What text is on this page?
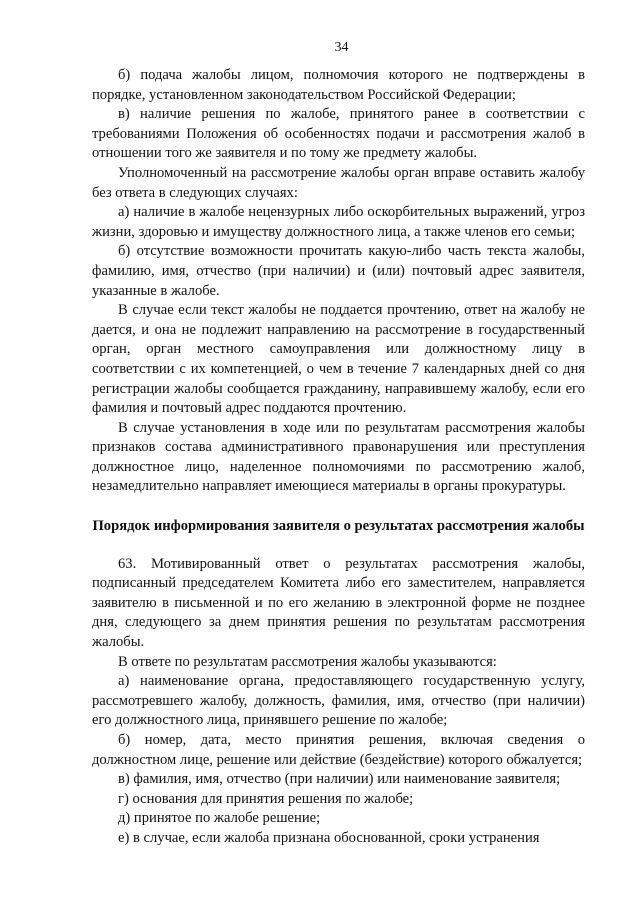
34

б) подача жалобы лицом, полномочия которого не подтверждены в порядке, установленном законодательством Российской Федерации;

в) наличие решения по жалобе, принятого ранее в соответствии с требованиями Положения об особенностях подачи и рассмотрения жалоб в отношении того же заявителя и по тому же предмету жалобы.

Уполномоченный на рассмотрение жалобы орган вправе оставить жалобу без ответа в следующих случаях:

а) наличие в жалобе нецензурных либо оскорбительных выражений, угроз жизни, здоровью и имуществу должностного лица, а также членов его семьи;

б) отсутствие возможности прочитать какую-либо часть текста жалобы, фамилию, имя, отчество (при наличии) и (или) почтовый адрес заявителя, указанные в жалобе.

В случае если текст жалобы не поддается прочтению, ответ на жалобу не дается, и она не подлежит направлению на рассмотрение в государственный орган, орган местного самоуправления или должностному лицу в соответствии с их компетенцией, о чем в течение 7 календарных дней со дня регистрации жалобы сообщается гражданину, направившему жалобу, если его фамилия и почтовый адрес поддаются прочтению.

В случае установления в ходе или по результатам рассмотрения жалобы признаков состава административного правонарушения или преступления должностное лицо, наделенное полномочиями по рассмотрению жалоб, незамедлительно направляет имеющиеся материалы в органы прокуратуры.

Порядок информирования заявителя о результатах рассмотрения жалобы

63. Мотивированный ответ о результатах рассмотрения жалобы, подписанный председателем Комитета либо его заместителем, направляется заявителю в письменной и по его желанию в электронной форме не позднее дня, следующего за днем принятия решения по результатам рассмотрения жалобы.

В ответе по результатам рассмотрения жалобы указываются:

а) наименование органа, предоставляющего государственную услугу, рассмотревшего жалобу, должность, фамилия, имя, отчество (при наличии) его должностного лица, принявшего решение по жалобе;

б) номер, дата, место принятия решения, включая сведения о должностном лице, решение или действие (бездействие) которого обжалуется;

в) фамилия, имя, отчество (при наличии) или наименование заявителя;

г) основания для принятия решения по жалобе;

д) принятое по жалобе решение;

е) в случае, если жалоба признана обоснованной, сроки устранения
